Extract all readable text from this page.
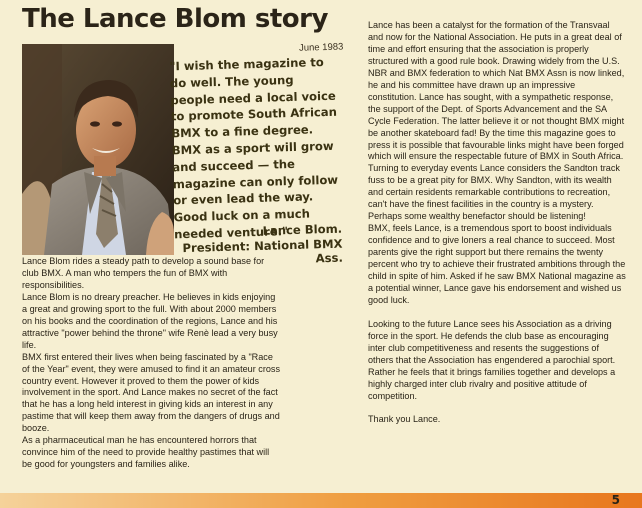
The Lance Blom story
June 1983
"I wish the magazine to do well. The young people need a local voice to promote South African BMX to a fine degree. BMX as a sport will grow and succeed — the magazine can only follow or even lead the way. Good luck on a much needed venture."
Lance Blom.
President: National BMX Ass.

Lance Blom rides a steady path to develop a sound base for club BMX. A man who tempers the fun of BMX with responsibilities.

Lance Blom is no dreary preacher. He believes in kids enjoying a great and growing sport to the full. With about 2000 members on his books and the coordination of the regions, Lance and his attractive "power behind the throne" wife Renè lead a very busy life.

BMX first entered their lives when being fascinated by a "Race of the Year" event, they were amused to find it an amateur cross country event. However it proved to them the power of kids involvement in the sport. And Lance makes no secret of the fact that he has a long held interest in giving kids an interest in any pastime that will keep them away from the dangers of drugs and booze.

As a pharmaceutical man he has encountered horrors that convince him of the need to provide healthy pastimes that will be good for youngsters and families alike.

Lance has been a catalyst for the formation of the Transvaal and now for the National Association. He puts in a great deal of time and effort ensuring that the association is properly structured with a good rule book. Drawing widely from the U.S. NBR and BMX federation to which Nat BMX Assn is now linked, he and his committee have drawn up an impressive constitution. Lance has sought, with a sympathetic response, the support of the Dept. of Sports Advancement and the SA Cycle Federation. The latter believe it or not thought BMX might be another skateboard fad! By the time this magazine goes to press it is possible that favourable links might have been forged which will ensure the respectable future of BMX in South Africa.

Turning to everyday events Lance considers the Sandton track fuss to be a great pity for BMX. Why Sandton, with its wealth and certain residents remarkable contributions to recreation, can't have the finest facilities in the country is a mystery. Perhaps some wealthy benefactor should be listening!

BMX, feels Lance, is a tremendous sport to boost individuals confidence and to give loners a real chance to succeed. Most parents give the right support but there remains the twenty percent who try to achieve their frustrated ambitions through the child in spite of him. Asked if he saw BMX National magazine as a potential winner, Lance gave his endorsement and wished us good luck.

Looking to the future Lance sees his Association as a driving force in the sport. He defends the club base as encouraging inter club competitiveness and resents the suggestions of others that the Association has engendered a parochial sport. Rather he feels that it brings families together and develops a highly charged inter club rivalry and positive attitude of competition.

Thank you Lance.

5
